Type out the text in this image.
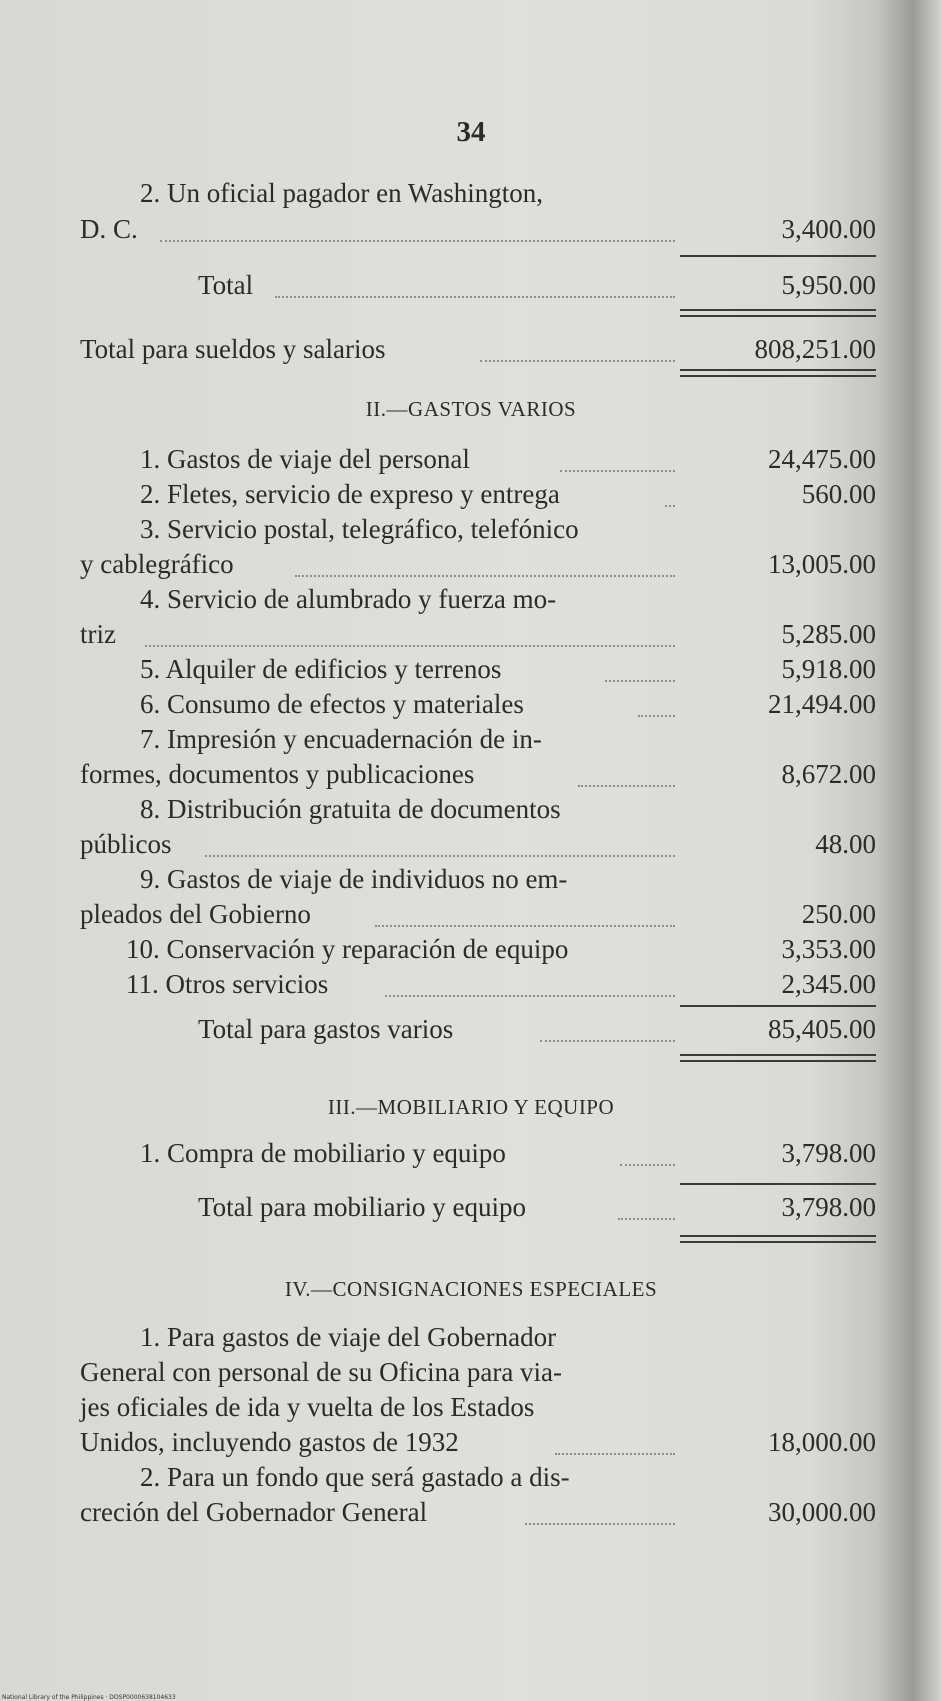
34
2. Un oficial pagador en Washington,
D. C.	3,400.00
Total	5,950.00
Total para sueldos y salarios	808,251.00
II.—GASTOS VARIOS
1. Gastos de viaje del personal	24,475.00
2. Fletes, servicio de expreso y entrega	560.00
3. Servicio postal, telegráfico, telefónico
y cablegráfico	13,005.00
4. Servicio de alumbrado y fuerza mo-
triz	5,285.00
5. Alquiler de edificios y terrenos	5,918.00
6. Consumo de efectos y materiales	21,494.00
7. Impresión y encuadernación de in-
formes, documentos y publicaciones	8,672.00
8. Distribución gratuita de documentos
públicos	48.00
9. Gastos de viaje de individuos no em-
pleados del Gobierno	250.00
10. Conservación y reparación de equipo	3,353.00
11. Otros servicios	2,345.00
Total para gastos varios	85,405.00
III.—MOBILIARIO Y EQUIPO
1. Compra de mobiliario y equipo	3,798.00
Total para mobiliario y equipo	3,798.00
IV.—CONSIGNACIONES ESPECIALES
1. Para gastos de viaje del Gobernador
General con personal de su Oficina para via-
jes oficiales de ida y vuelta de los Estados
Unidos, incluyendo gastos de 1932	18,000.00
2. Para un fondo que será gastado a dis-
creción del Gobernador General	30,000.00
National Library of the Philippines · DOSP0000638104633
